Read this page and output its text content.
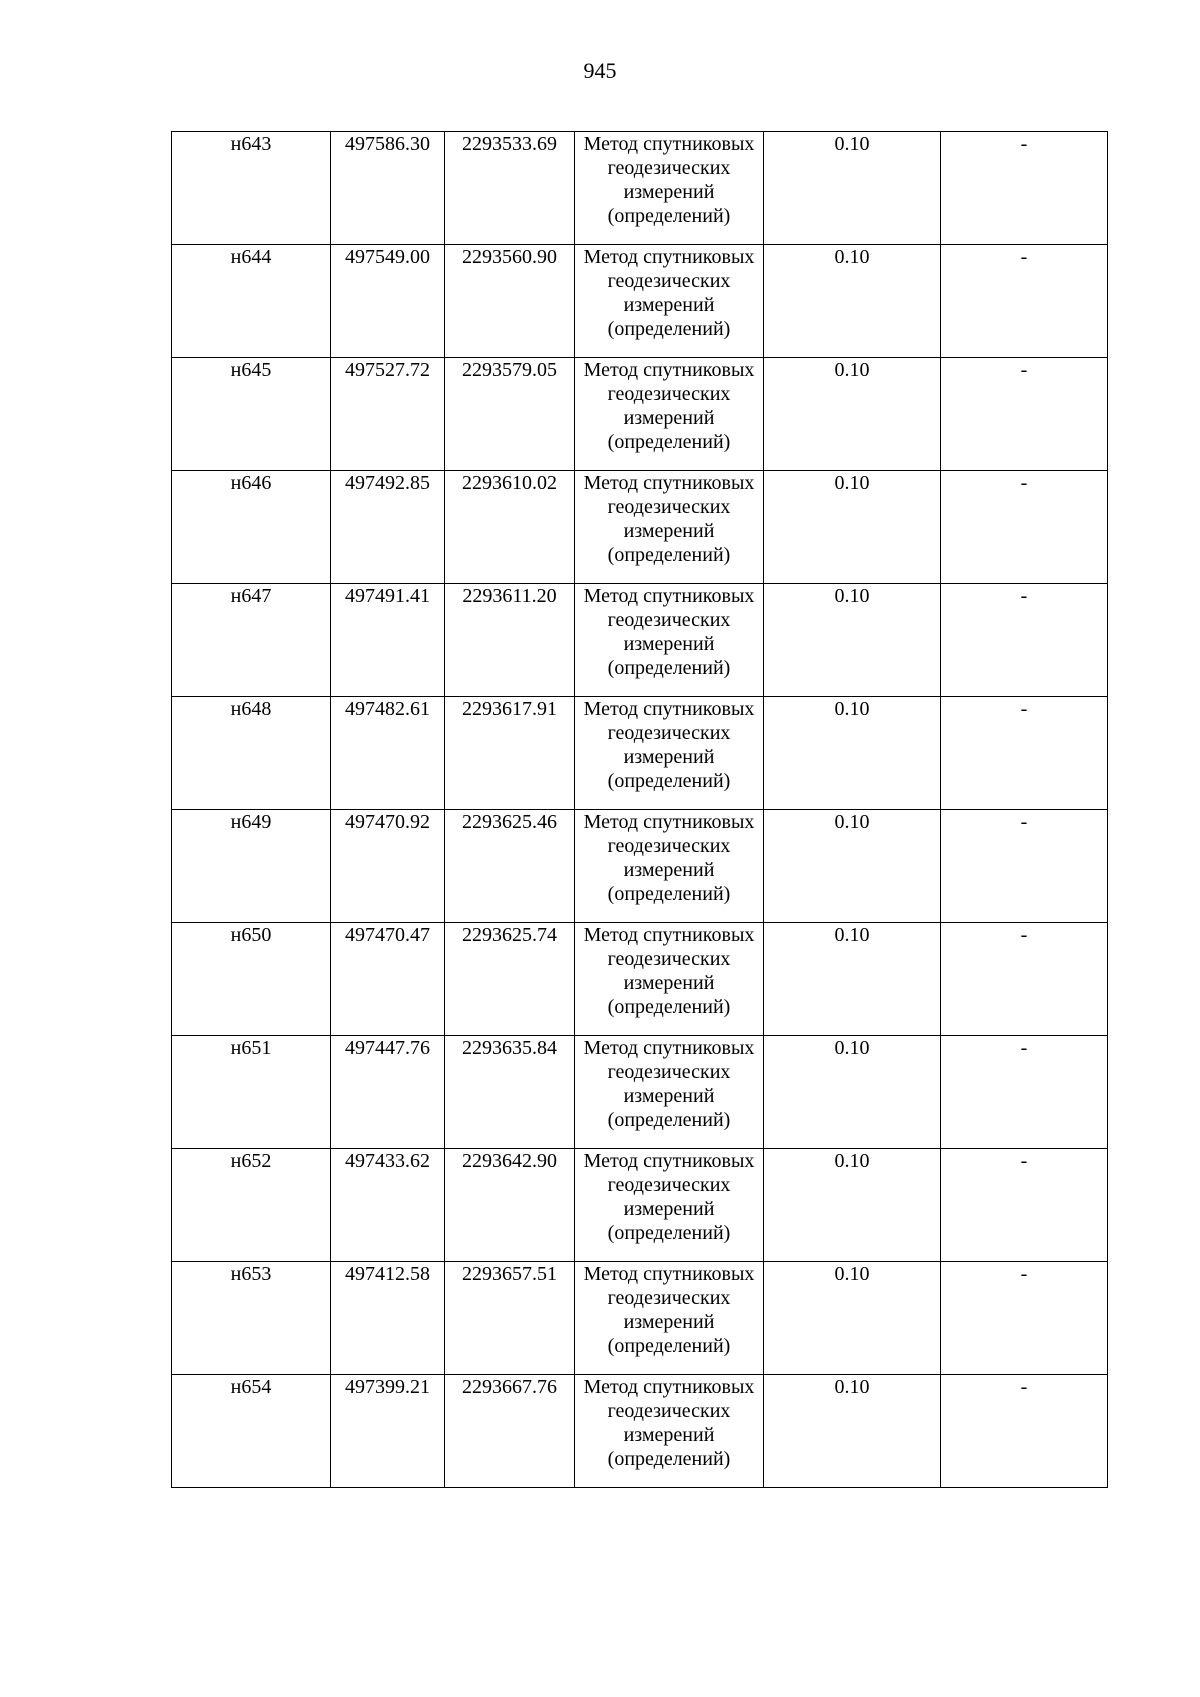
945
н643	497586.30	2293533.69	Метод спутниковых геодезических измерений (определений)	0.10	-
н644	497549.00	2293560.90	Метод спутниковых геодезических измерений (определений)	0.10	-
н645	497527.72	2293579.05	Метод спутниковых геодезических измерений (определений)	0.10	-
н646	497492.85	2293610.02	Метод спутниковых геодезических измерений (определений)	0.10	-
н647	497491.41	2293611.20	Метод спутниковых геодезических измерений (определений)	0.10	-
н648	497482.61	2293617.91	Метод спутниковых геодезических измерений (определений)	0.10	-
н649	497470.92	2293625.46	Метод спутниковых геодезических измерений (определений)	0.10	-
н650	497470.47	2293625.74	Метод спутниковых геодезических измерений (определений)	0.10	-
н651	497447.76	2293635.84	Метод спутниковых геодезических измерений (определений)	0.10	-
н652	497433.62	2293642.90	Метод спутниковых геодезических измерений (определений)	0.10	-
н653	497412.58	2293657.51	Метод спутниковых геодезических измерений (определений)	0.10	-
н654	497399.21	2293667.76	Метод спутниковых геодезических измерений (определений)	0.10	-
